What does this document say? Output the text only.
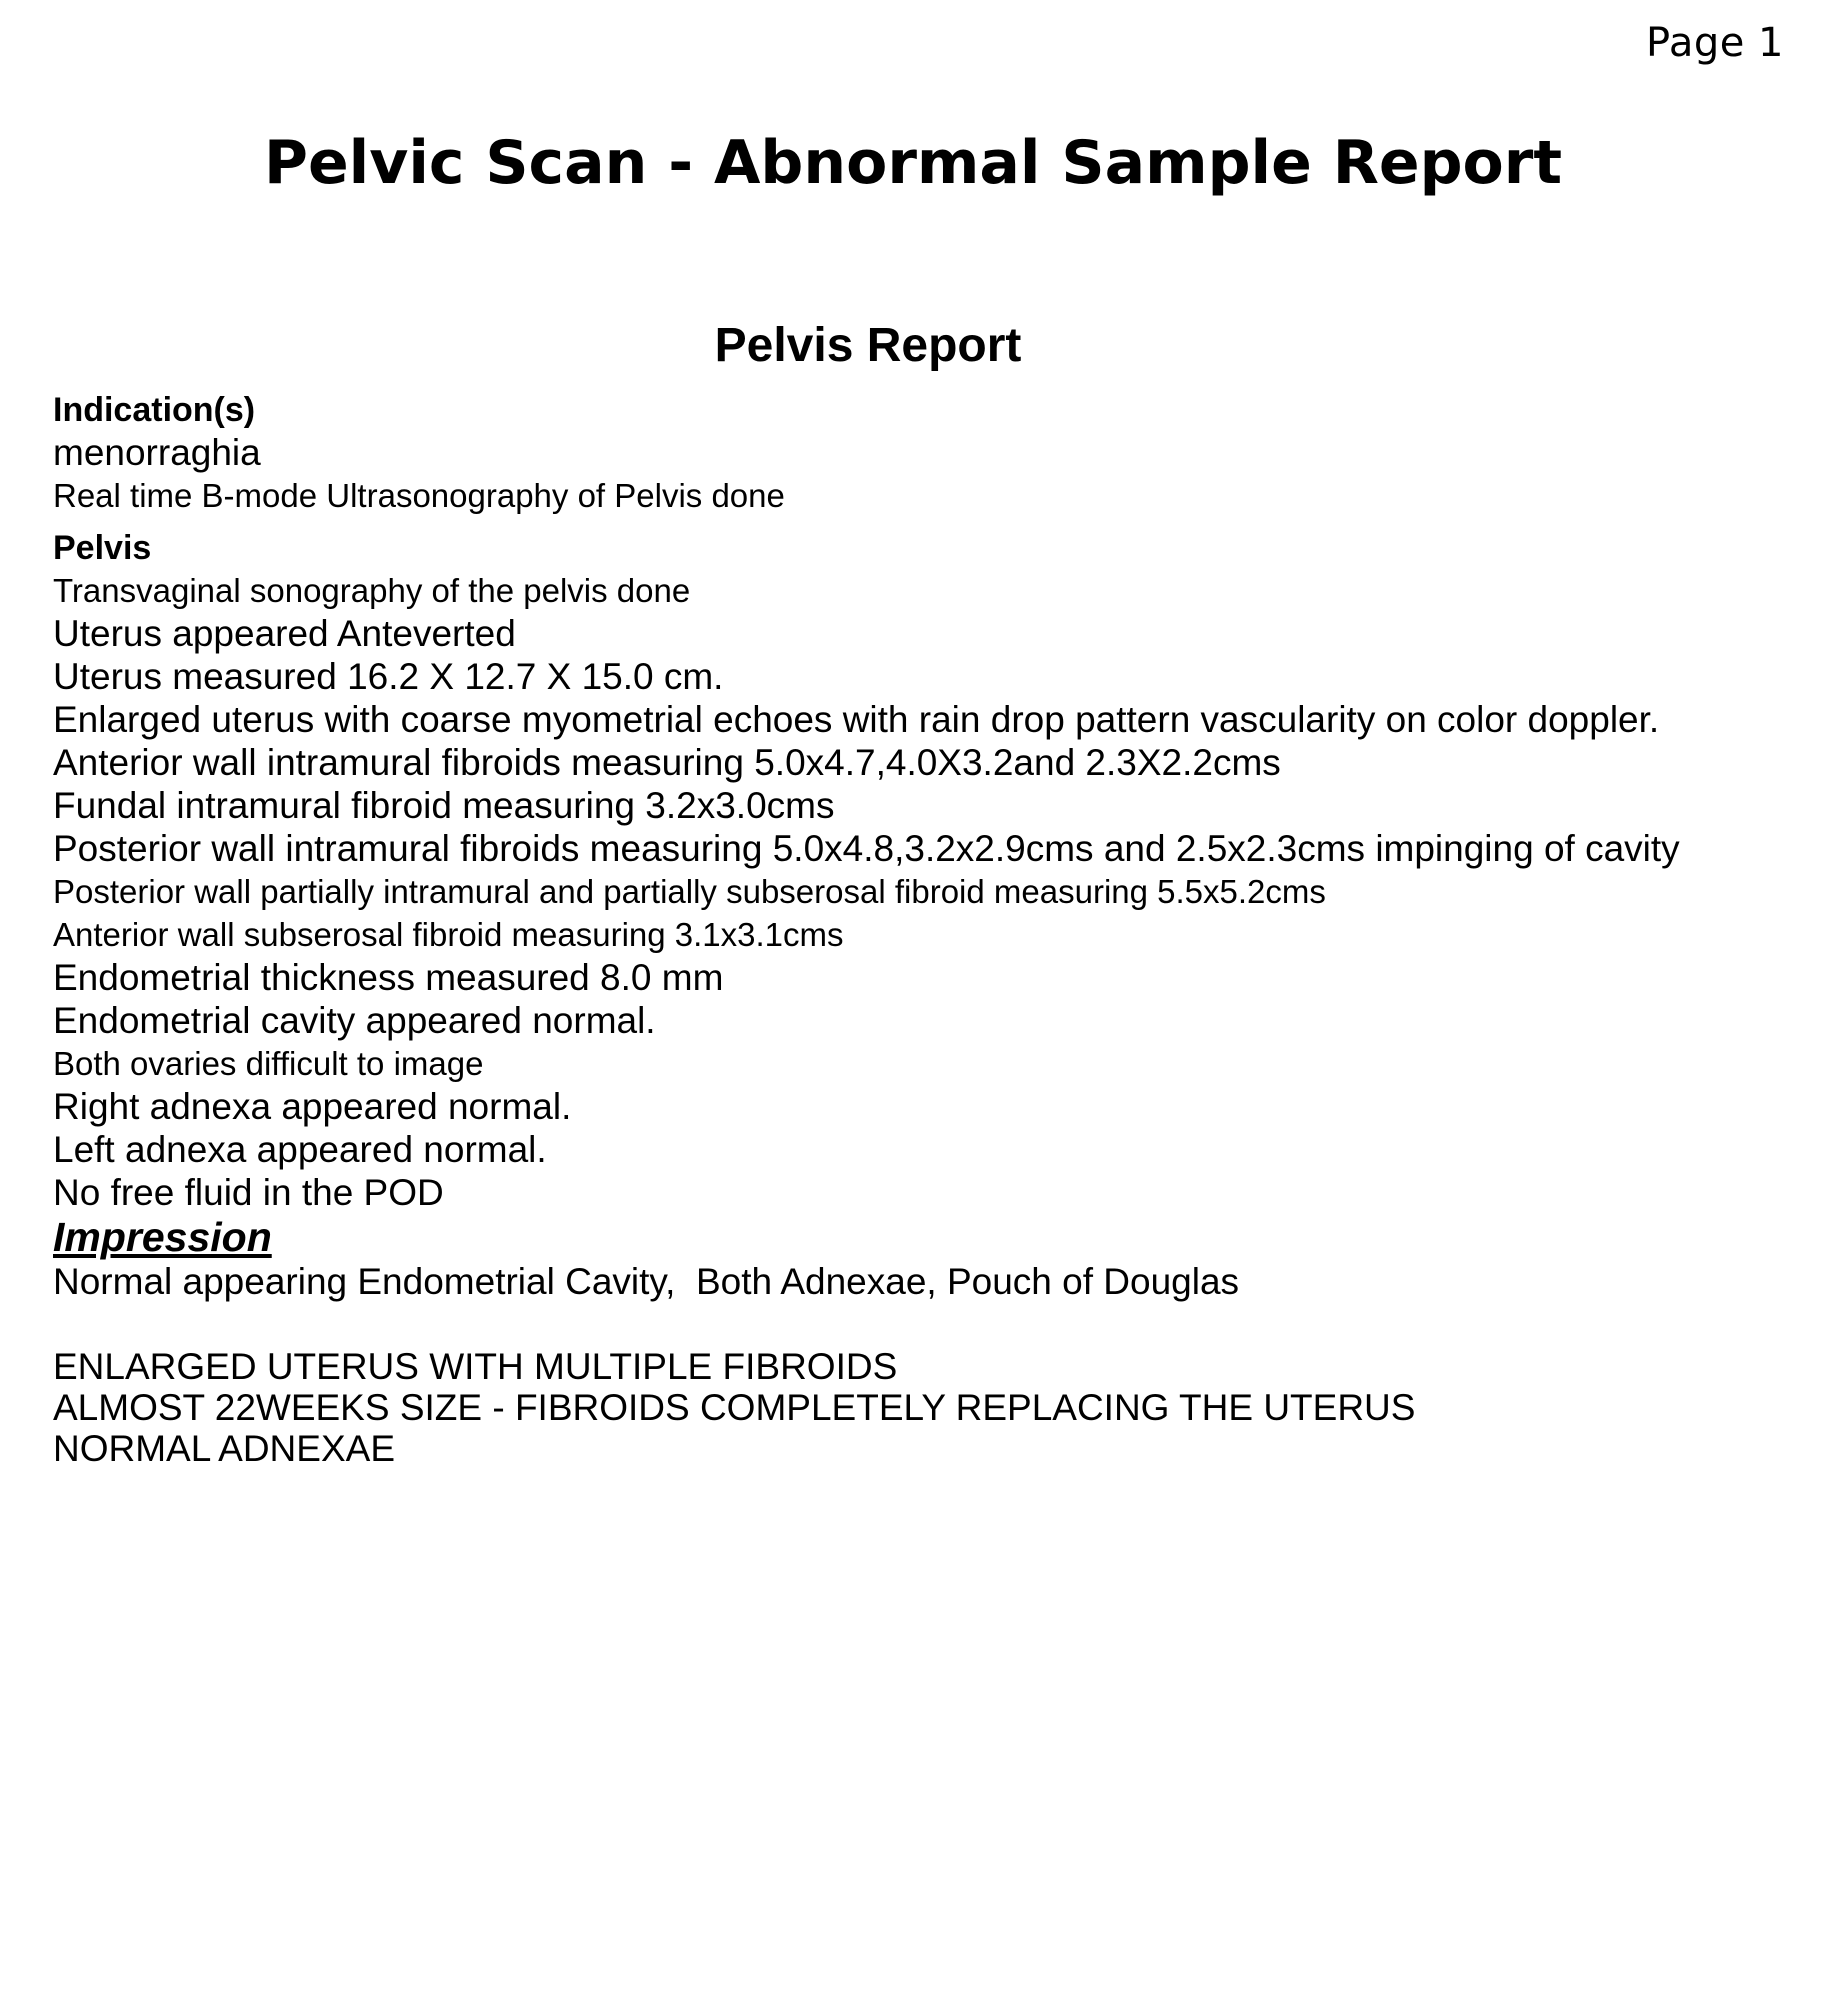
Page 1
Pelvic Scan - Abnormal Sample Report
Pelvis Report

Indication(s)

menorraghia

Real time B-mode Ultrasonography of Pelvis done

Pelvis

Transvaginal sonography of the pelvis done

Uterus appeared Anteverted

Uterus measured 16.2 X 12.7 X 15.0 cm.

Enlarged uterus with coarse myometrial echoes with rain drop pattern vascularity on color doppler.

Anterior wall intramural fibroids measuring 5.0x4.7,4.0X3.2and 2.3X2.2cms

Fundal intramural fibroid measuring 3.2x3.0cms

Posterior wall intramural fibroids measuring 5.0x4.8,3.2x2.9cms and 2.5x2.3cms impinging of cavity

Posterior wall partially intramural and partially subserosal fibroid measuring 5.5x5.2cms

Anterior wall subserosal fibroid measuring 3.1x3.1cms

Endometrial thickness measured 8.0 mm

Endometrial cavity appeared normal.

Both ovaries difficult to image

Right adnexa appeared normal.

Left adnexa appeared normal.

No free fluid in the POD

Impression

Normal appearing Endometrial Cavity,  Both Adnexae, Pouch of Douglas

ENLARGED UTERUS WITH MULTIPLE FIBROIDS

ALMOST 22WEEKS SIZE - FIBROIDS COMPLETELY REPLACING THE UTERUS

NORMAL ADNEXAE
